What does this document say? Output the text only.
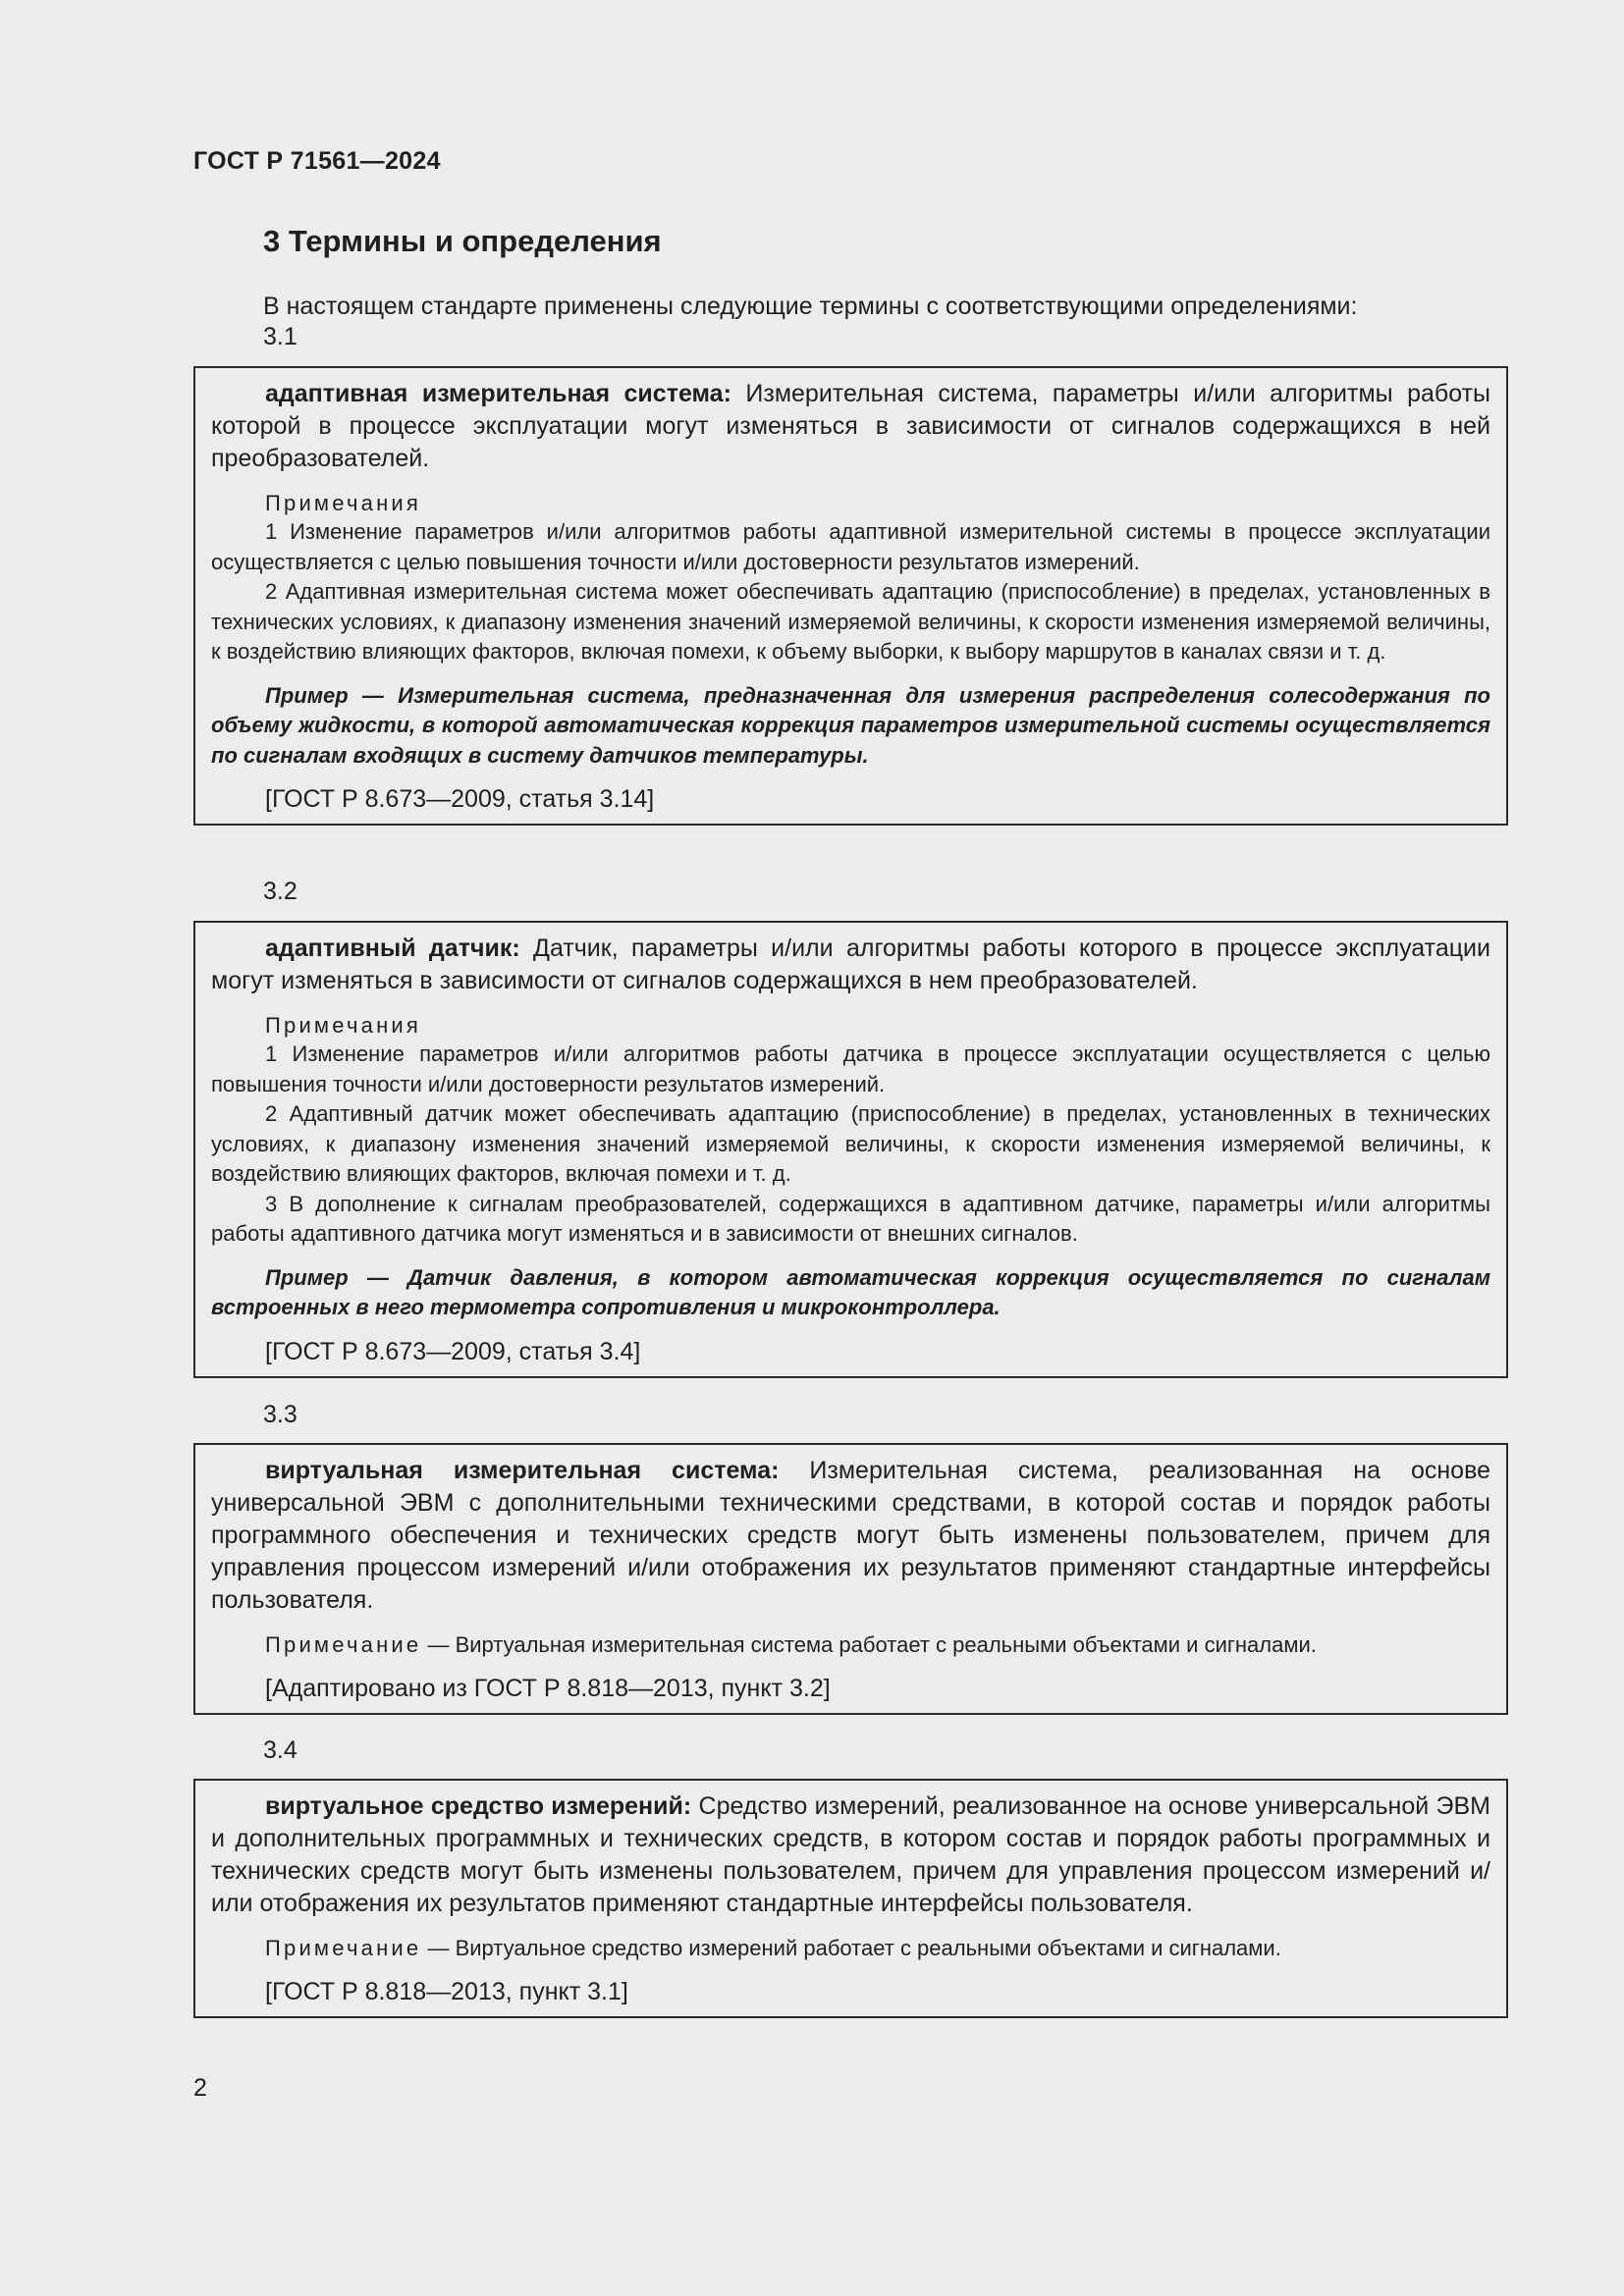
ГОСТ Р 71561—2024
3 Термины и определения
В настоящем стандарте применены следующие термины с соответствующими определениями:
3.1

адаптивная измерительная система: Измерительная система, параметры и/или алгоритмы работы которой в процессе эксплуатации могут изменяться в зависимости от сигналов содержащихся в ней преобразователей.

Примечания

1 Изменение параметров и/или алгоритмов работы адаптивной измерительной системы в процессе эксплуатации осуществляется с целью повышения точности и/или достоверности результатов измерений.

2 Адаптивная измерительная система может обеспечивать адаптацию (приспособление) в пределах, установленных в технических условиях, к диапазону изменения значений измеряемой величины, к скорости изменения измеряемой величины, к воздействию влияющих факторов, включая помехи, к объему выборки, к выбору маршрутов в каналах связи и т. д.

Пример — Измерительная система, предназначенная для измерения распределения солесодержания по объему жидкости, в которой автоматическая коррекция параметров измерительной системы осуществляется по сигналам входящих в систему датчиков температуры.

[ГОСТ Р 8.673—2009, статья 3.14]
3.2

адаптивный датчик: Датчик, параметры и/или алгоритмы работы которого в процессе эксплуатации могут изменяться в зависимости от сигналов содержащихся в нем преобразователей.

Примечания

1 Изменение параметров и/или алгоритмов работы датчика в процессе эксплуатации осуществляется с целью повышения точности и/или достоверности результатов измерений.

2 Адаптивный датчик может обеспечивать адаптацию (приспособление) в пределах, установленных в технических условиях, к диапазону изменения значений измеряемой величины, к скорости изменения измеряемой величины, к воздействию влияющих факторов, включая помехи и т. д.

3 В дополнение к сигналам преобразователей, содержащихся в адаптивном датчике, параметры и/или алгоритмы работы адаптивного датчика могут изменяться и в зависимости от внешних сигналов.

Пример — Датчик давления, в котором автоматическая коррекция осуществляется по сигналам встроенных в него термометра сопротивления и микроконтроллера.

[ГОСТ Р 8.673—2009, статья 3.4]
3.3

виртуальная измерительная система: Измерительная система, реализованная на основе универсальной ЭВМ с дополнительными техническими средствами, в которой состав и порядок работы программного обеспечения и технических средств могут быть изменены пользователем, причем для управления процессом измерений и/или отображения их результатов применяют стандартные интерфейсы пользователя.

Примечание — Виртуальная измерительная система работает с реальными объектами и сигналами.

[Адаптировано из ГОСТ Р 8.818—2013, пункт 3.2]
3.4

виртуальное средство измерений: Средство измерений, реализованное на основе универсальной ЭВМ и дополнительных программных и технических средств, в котором состав и порядок работы программных и технических средств могут быть изменены пользователем, причем для управления процессом измерений и/или отображения их результатов применяют стандартные интерфейсы пользователя.

Примечание — Виртуальное средство измерений работает с реальными объектами и сигналами.

[ГОСТ Р 8.818—2013, пункт 3.1]
2
